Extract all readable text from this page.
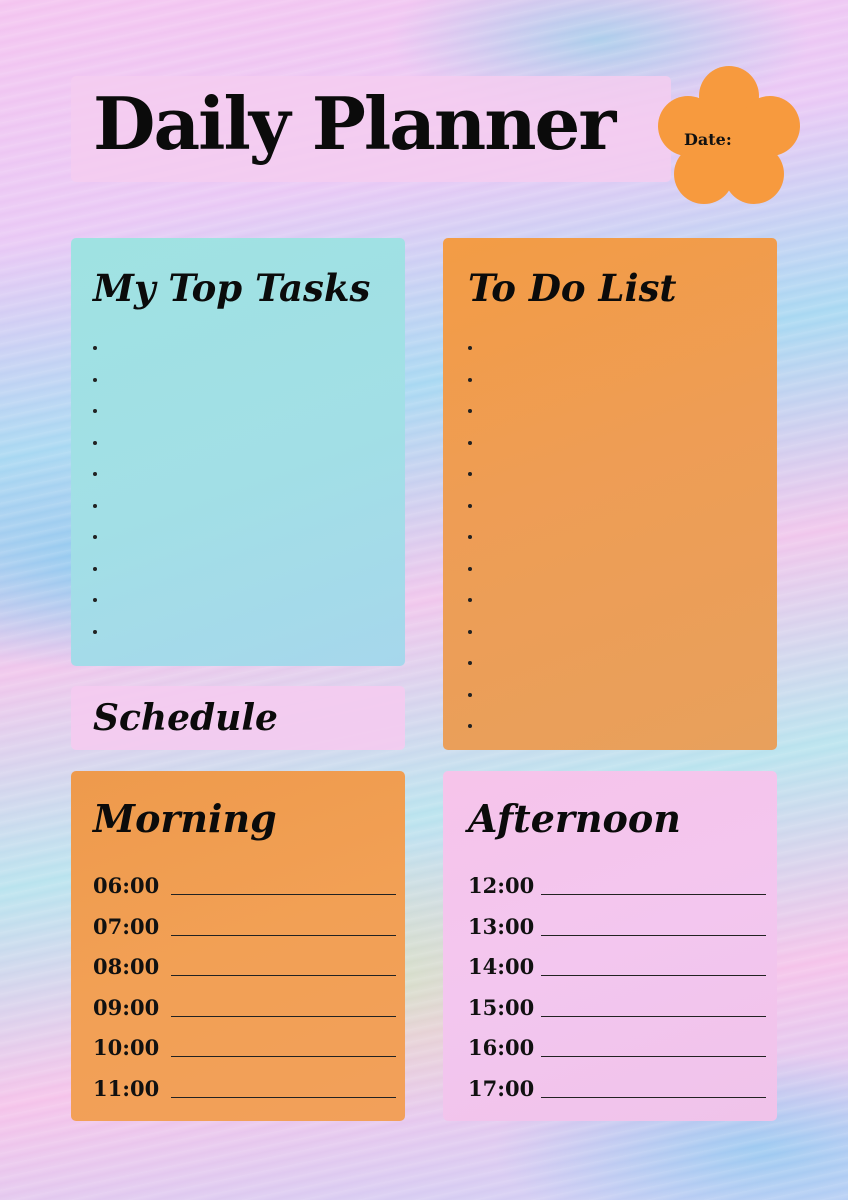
Daily Planner	Date:
My Top Tasks	To Do List
Schedule
Morning
06:00
07:00
08:00
09:00
10:00
11:00
Afternoon
12:00
13:00
14:00
15:00
16:00
17:00
